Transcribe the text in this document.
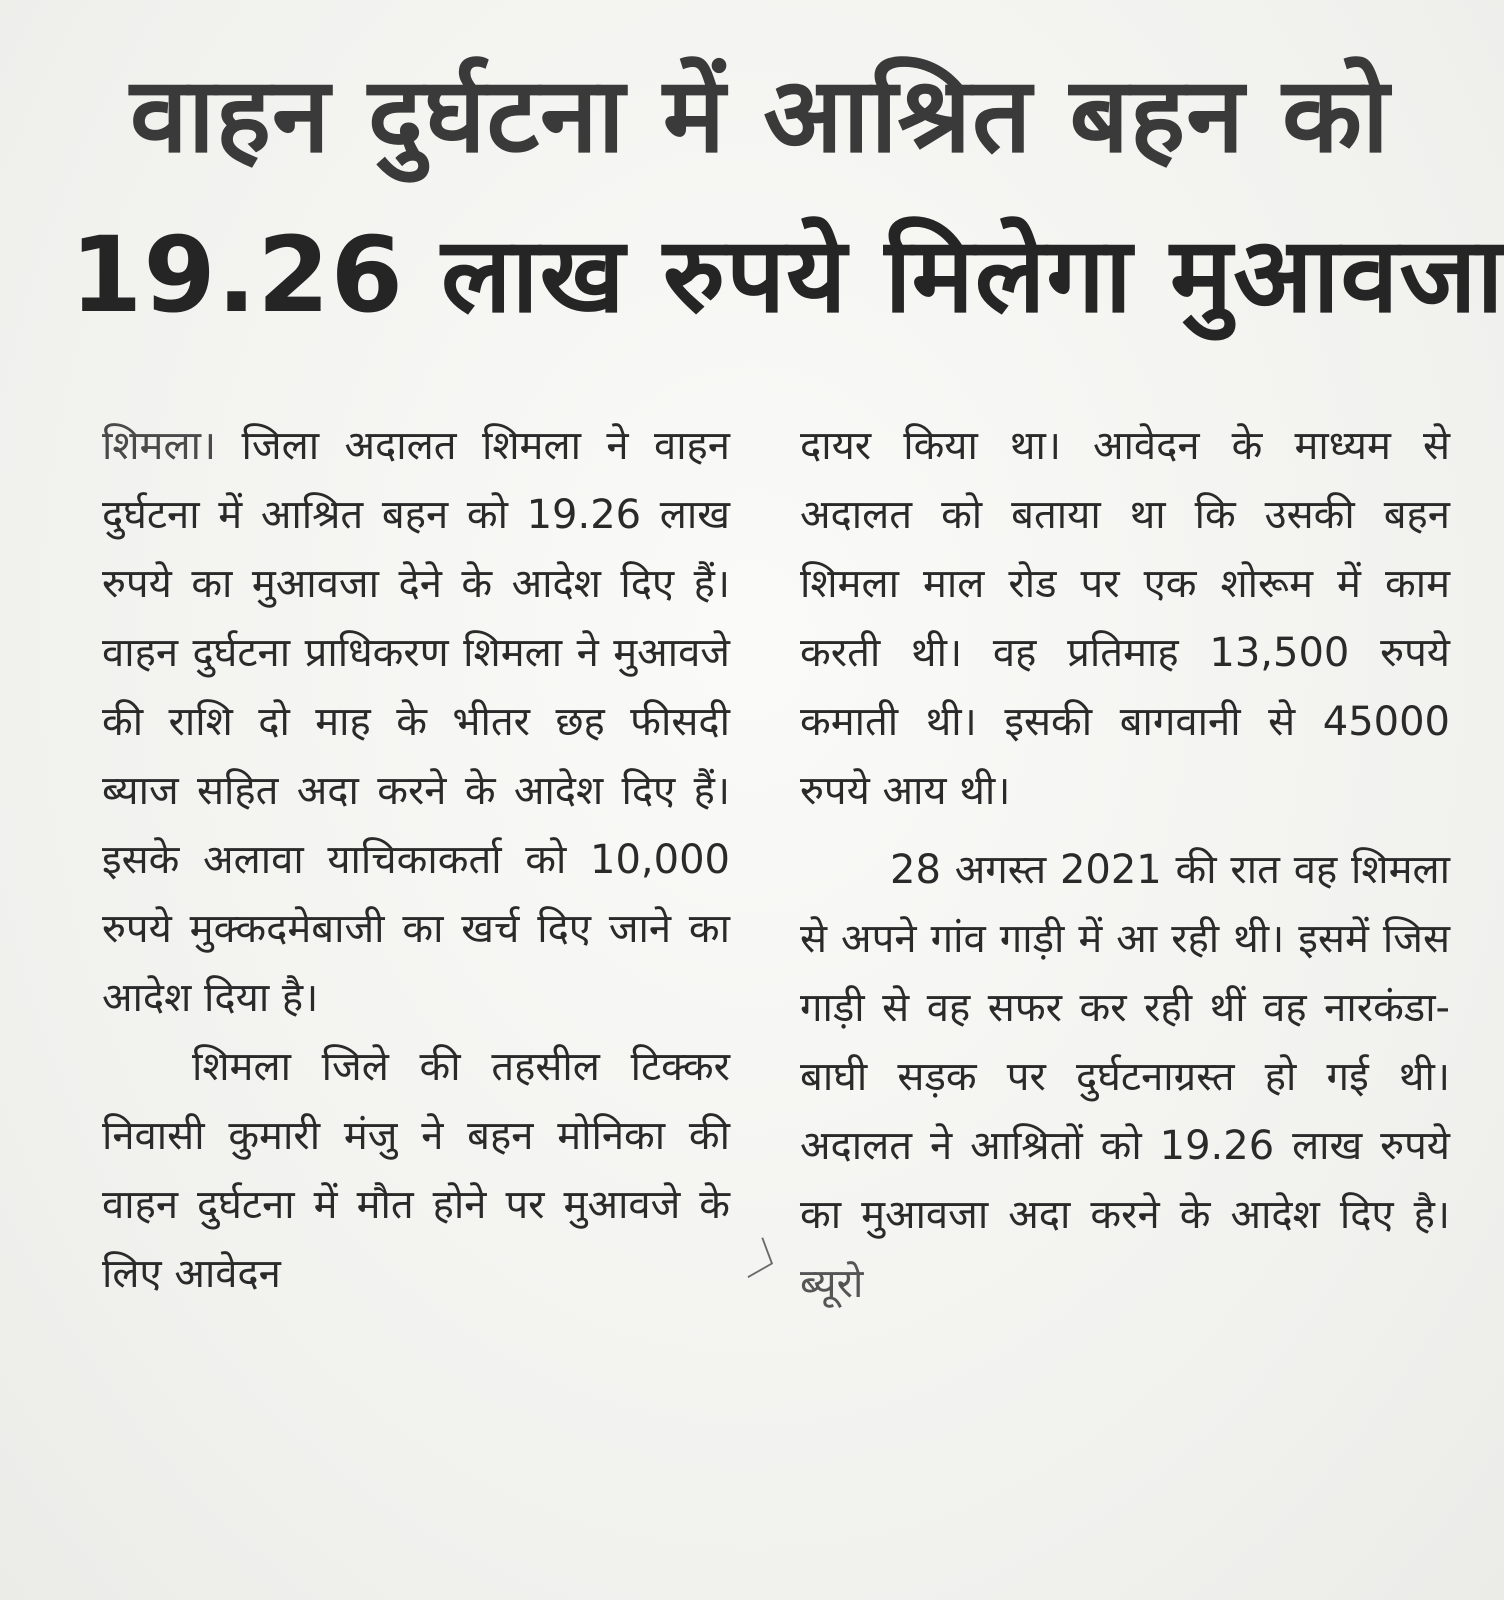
वाहन दुर्घटना में आश्रित बहन को
19.26 लाख रुपये मिलेगा मुआवजा

शिमला। जिला अदालत शिमला ने वाहन दुर्घटना में आश्रित बहन को 19.26 लाख रुपये का मुआवजा देने के आदेश दिए हैं। वाहन दुर्घटना प्राधिकरण शिमला ने मुआवजे की राशि दो माह के भीतर छह फीसदी ब्याज सहित अदा करने के आदेश दिए हैं। इसके अलावा याचिकाकर्ता को 10,000 रुपये मुक्कदमेबाजी का खर्च दिए जाने का आदेश दिया है।

शिमला जिले की तहसील टिक्कर निवासी कुमारी मंजु ने बहन मोनिका की वाहन दुर्घटना में मौत होने पर मुआवजे के लिए आवेदन	〉

दायर किया था। आवेदन के माध्यम से अदालत को बताया था कि उसकी बहन शिमला माल रोड पर एक शोरूम में काम करती थी। वह प्रतिमाह 13,500 रुपये कमाती थी। इसकी बागवानी से 45000 रुपये आय थी।

28 अगस्त 2021 की रात वह शिमला से अपने गांव गाड़ी में आ रही थी। इसमें जिस गाड़ी से वह सफर कर रही थीं वह नारकंडा-बाघी सड़क पर दुर्घटनाग्रस्त हो गई थी। अदालत ने आश्रितों को 19.26 लाख रुपये का मुआवजा अदा करने के आदेश दिए है। ब्यूरो
